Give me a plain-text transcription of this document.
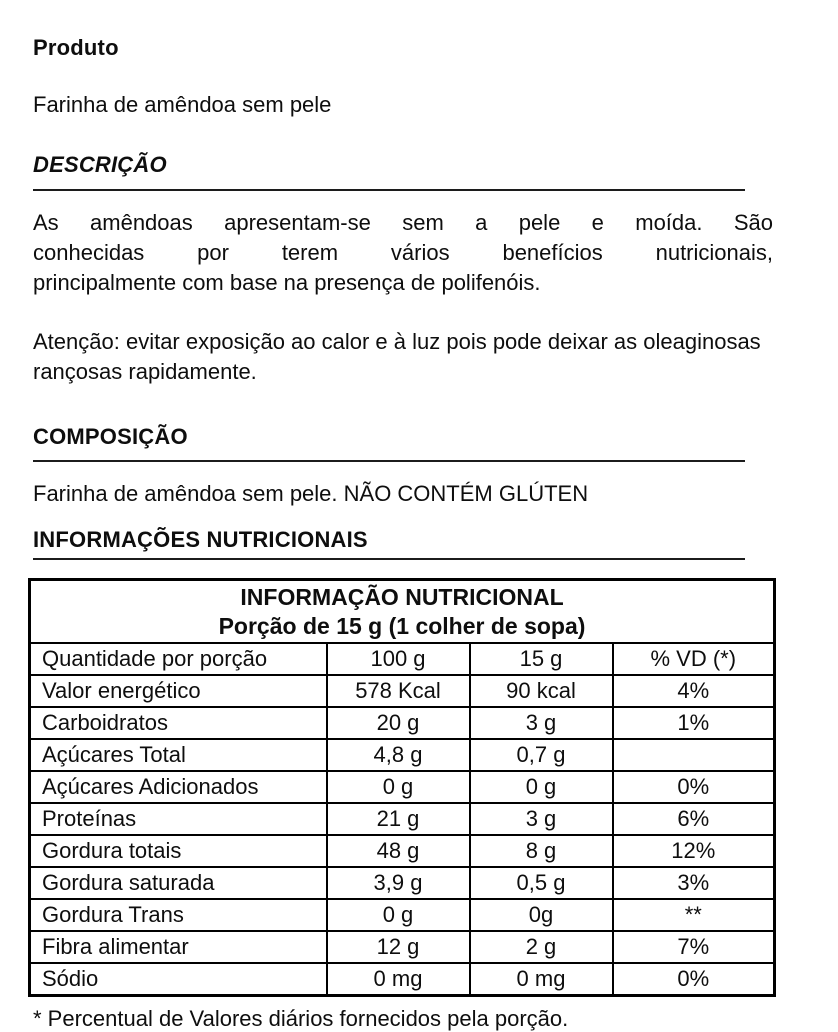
Produto
Farinha de amêndoa sem pele
DESCRIÇÃO
As amêndoas apresentam-se sem a pele e moída. São
conhecidas por terem vários benefícios nutricionais,
principalmente com base na presença de polifenóis.
Atenção: evitar exposição ao calor e à luz pois pode deixar as oleaginosas rançosas rapidamente.
COMPOSIÇÃO
Farinha de amêndoa sem pele. NÃO CONTÉM GLÚTEN
INFORMAÇÕES NUTRICIONAIS
INFORMAÇÃO NUTRICIONAL
Porção de 15 g (1 colher de sopa)			

Quantidade por porção	100 g	15 g	% VD (*)
Valor energético	578 Kcal	90 kcal	4%
Carboidratos	20 g	3 g	1%
Açúcares Total	4,8 g	0,7 g	
Açúcares Adicionados	0 g	0 g	0%
Proteínas	21 g	3 g	6%
Gordura totais	48 g	8 g	12%
Gordura saturada	3,9 g	0,5 g	3%
Gordura Trans	0 g	0g	**
Fibra alimentar	12 g	2 g	7%
Sódio	0 mg	0 mg	0%
* Percentual de Valores diários fornecidos pela porção.
